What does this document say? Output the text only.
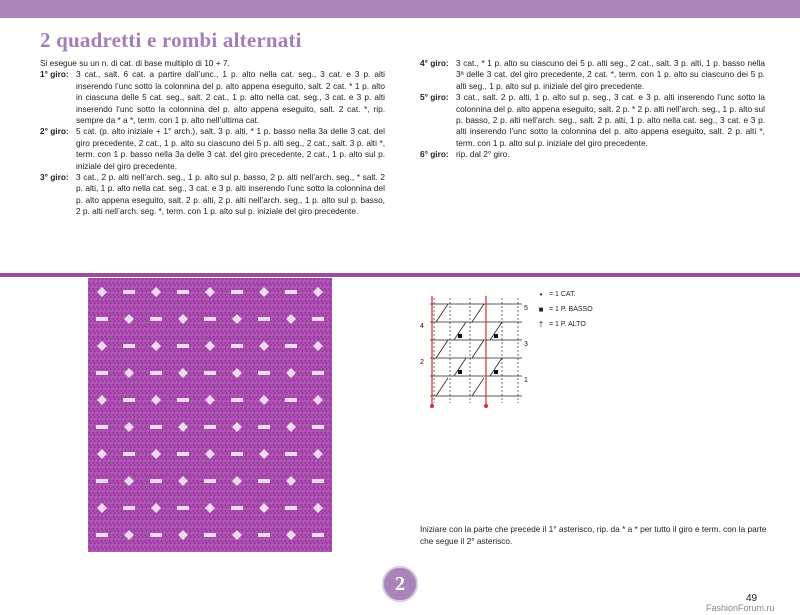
2 quadretti e rombi alternati
Si esegue su un n. di cat. di base multiplo di 10 + 7.
1° giro: 3 cat., salt. 6 cat. a partire dall’unc., 1 p. alto nella cat. seg., 3 cat. e 3 p. alti inserendo l’unc sotto la colonnina del p. alto appena eseguito, salt. 2 cat. * 1 p. alto in ciascuna delle 5 cat. seg., salt. 2 cat., 1 p. alto nella cat. seg., 3 cat. e 3 p. alti inserendo l’unc sotto la colonnina del p. alto appena eseguito, salt. 2 cat. *, rip. sempre da * a *, term. con 1 p. alto nell’ultima cat.
2° giro: 5 cat. (p. alto iniziale + 1° arch.), salt. 3 p. alti, * 1 p. basso nella 3a delle 3 cat. del giro precedente, 2 cat., 1 p. alto su ciascuno dei 5 p. alti seg., 2 cat., salt. 3 p. alti *, term. con 1 p. basso nella 3a delle 3 cat. del giro precedente, 2 cat., 1 p. alto sul p. iniziale del giro precedente.
3° giro: 3 cat., 2 p. alti nell’arch. seg., 1 p. alto sul p. basso, 2 p. alti nell’arch. seg., * salt. 2 p. alti, 1 p. alto nella cat. seg., 3 cat. e 3 p. alti inserendo l’unc sotto la colonnina del p. alto appena eseguito, salt. 2 p. alti, 2 p. alti nell’arch. seg., 1 p. alto sul p. basso, 2 p. alti nell’arch. seg. *, term. con 1 p. alto sul p. iniziale del giro precedente.
4° giro: 3 cat., * 1 p. alto su ciascuno dei 5 p. alti seg., 2 cat., salt. 3 p. alti, 1 p. basso nella 3ª delle 3 cat. del giro precedente, 2 cat. *, term. con 1 p. alto su ciascuno dei 5 p. alti seg., 1 p. alto sul p. iniziale del giro precedente.
5° giro: 3 cat., salt. 2 p. alti, 1 p. alto sul p. seg., 3 cat. e 3 p. alti inserendo l’unc sotto la colonnina del p. alto appena eseguito, salt. 2 p. * 2 p. alti nell’arch. seg., 1 p. alto sul p. basso, 2 p. alti nell’arch. seg., salt. 2 p. alti, 1 p. alto nella cat. seg., 3 cat. e 3 p. alti inserendo l’unc sotto la colonnina del p. alto appena eseguito, salt. 2 p. alti *, term. con 1 p. alto sul p. iniziale del giro precedente.
6° giro: rip. dal 2° giro.
4
2
5
3
1
• = 1 CAT.
■ = 1 P. BASSO
† = 1 P. ALTO
Iniziare con la parte che precede il 1° asterisco, rip. da * a * per tutto il giro e term. con la parte che segue il 2° asterisco.
2
49
FashionForum.ru
